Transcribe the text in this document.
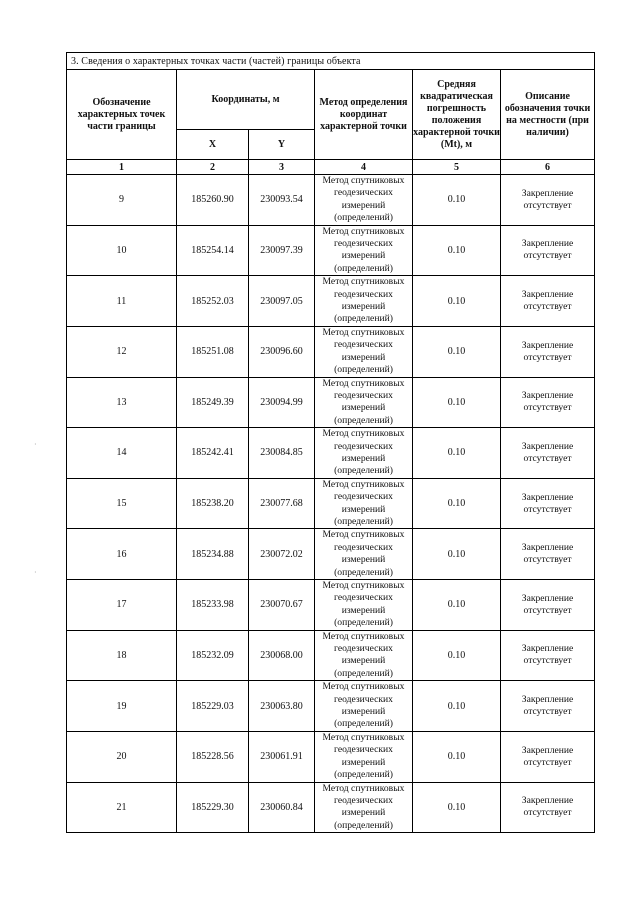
3. Сведения о характерных точках части (частей) границы объекта					
Обозначение характерных точек части границы	Координаты, м		Метод определения координат характерной точки	Средняя квадратическая погрешность положения характерной точки (Mt), м	Описание обозначения точки на местности (при наличии)
	X	Y			
1	2	3	4	5	6
9	185260.90	230093.54	Метод спутниковых геодезических измерений (определений)	0.10	Закрепление отсутствует
10	185254.14	230097.39	Метод спутниковых геодезических измерений (определений)	0.10	Закрепление отсутствует
11	185252.03	230097.05	Метод спутниковых геодезических измерений (определений)	0.10	Закрепление отсутствует
12	185251.08	230096.60	Метод спутниковых геодезических измерений (определений)	0.10	Закрепление отсутствует
13	185249.39	230094.99	Метод спутниковых геодезических измерений (определений)	0.10	Закрепление отсутствует
14	185242.41	230084.85	Метод спутниковых геодезических измерений (определений)	0.10	Закрепление отсутствует
15	185238.20	230077.68	Метод спутниковых геодезических измерений (определений)	0.10	Закрепление отсутствует
16	185234.88	230072.02	Метод спутниковых геодезических измерений (определений)	0.10	Закрепление отсутствует
17	185233.98	230070.67	Метод спутниковых геодезических измерений (определений)	0.10	Закрепление отсутствует
18	185232.09	230068.00	Метод спутниковых геодезических измерений (определений)	0.10	Закрепление отсутствует
19	185229.03	230063.80	Метод спутниковых геодезических измерений (определений)	0.10	Закрепление отсутствует
20	185228.56	230061.91	Метод спутниковых геодезических измерений (определений)	0.10	Закрепление отсутствует
21	185229.30	230060.84	Метод спутниковых геодезических измерений (определений)	0.10	Закрепление отсутствует
·
·
